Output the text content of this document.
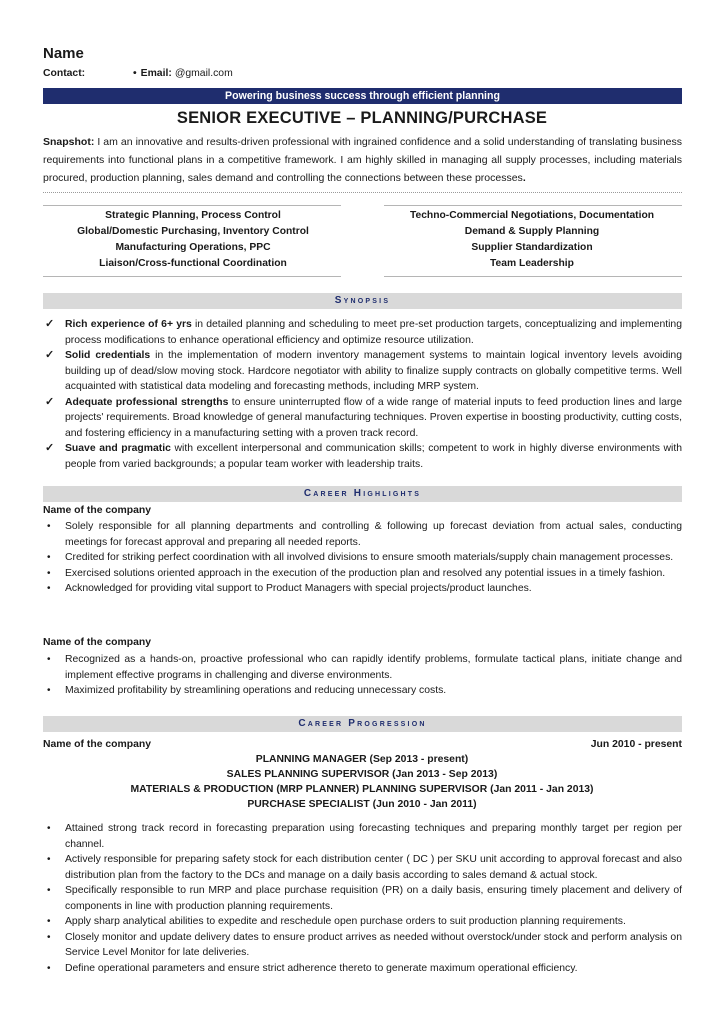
Name
Contact:	• Email: @gmail.com
Powering business success through efficient planning
SENIOR EXECUTIVE – PLANNING/PURCHASE
Snapshot: I am an innovative and results-driven professional with ingrained confidence and a solid understanding of translating business requirements into functional plans in a competitive framework. I am highly skilled in managing all supply processes, including materials procured, production planning, sales demand and controlling the connections between these processes.
Strategic Planning, Process Control
Global/Domestic Purchasing, Inventory Control
Manufacturing Operations, PPC
Liaison/Cross-functional Coordination
Techno-Commercial Negotiations, Documentation
Demand & Supply Planning
Supplier Standardization
Team Leadership
Synopsis
✓ Rich experience of 6+ yrs in detailed planning and scheduling to meet pre-set production targets, conceptualizing and implementing process modifications to enhance operational efficiency and optimize resource utilization.
✓ Solid credentials in the implementation of modern inventory management systems to maintain logical inventory levels avoiding building up of dead/slow moving stock. Hardcore negotiator with ability to finalize supply contracts on globally competitive terms. Well acquainted with statistical data modeling and forecasting methods, including MRP system.
✓ Adequate professional strengths to ensure uninterrupted flow of a wide range of material inputs to feed production lines and large projects' requirements. Broad knowledge of general manufacturing techniques. Proven expertise in boosting productivity, cutting costs, and fostering efficiency in a manufacturing setting with a proven track record.
✓ Suave and pragmatic with excellent interpersonal and communication skills; competent to work in highly diverse environments with people from varied backgrounds; a popular team worker with leadership traits.
Career Highlights
Name of the company
• Solely responsible for all planning departments and controlling & following up forecast deviation from actual sales, conducting meetings for forecast approval and preparing all needed reports.
• Credited for striking perfect coordination with all involved divisions to ensure smooth materials/supply chain management processes.
• Exercised solutions oriented approach in the execution of the production plan and resolved any potential issues in a timely fashion.
• Acknowledged for providing vital support to Product Managers with special projects/product launches.
Name of the company
• Recognized as a hands-on, proactive professional who can rapidly identify problems, formulate tactical plans, initiate change and implement effective programs in challenging and diverse environments.
• Maximized profitability by streamlining operations and reducing unnecessary costs.
Career Progression
Name of the company	Jun 2010 - present
PLANNING MANAGER (Sep 2013 - present)
SALES PLANNING SUPERVISOR (Jan 2013 - Sep 2013)
MATERIALS & PRODUCTION (MRP PLANNER) PLANNING SUPERVISOR (Jan 2011 - Jan 2013)
PURCHASE SPECIALIST (Jun 2010 - Jan 2011)
• Attained strong track record in forecasting preparation using forecasting techniques and preparing monthly target per region per channel.
• Actively responsible for preparing safety stock for each distribution center ( DC ) per SKU unit according to approval forecast and also distribution plan from the factory to the DCs and manage on a daily basis according to sales demand & actual stock.
• Specifically responsible to run MRP and place purchase requisition (PR) on a daily basis, ensuring timely placement and delivery of components in line with production planning requirements.
• Apply sharp analytical abilities to expedite and reschedule open purchase orders to suit production planning requirements.
• Closely monitor and update delivery dates to ensure product arrives as needed without overstock/under stock and perform analysis on Service Level Monitor for late deliveries.
• Define operational parameters and ensure strict adherence thereto to generate maximum operational efficiency.
